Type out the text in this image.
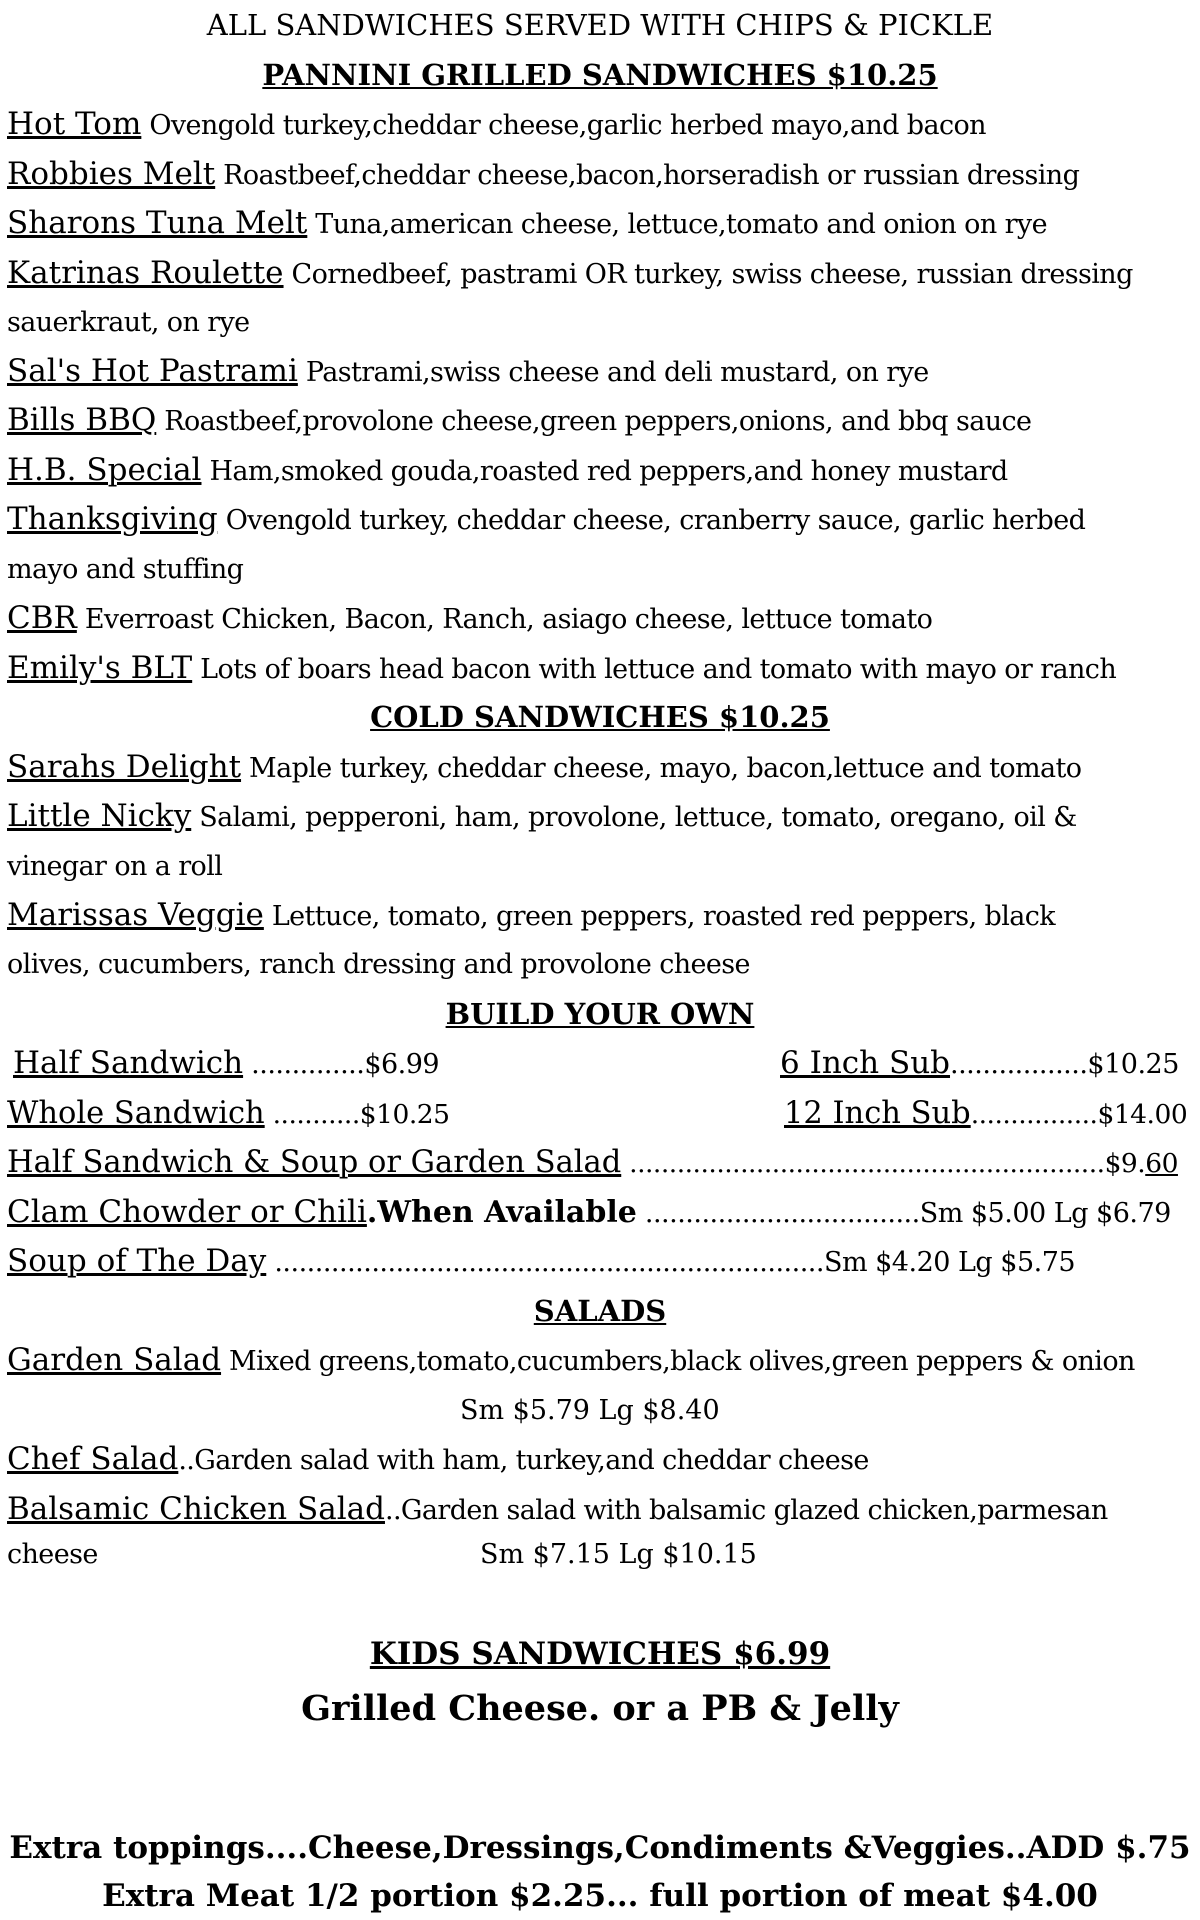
ALL SANDWICHES SERVED WITH CHIPS & PICKLE
PANNINI GRILLED SANDWICHES $10.25
Hot Tom Ovengold turkey,cheddar cheese,garlic herbed mayo,and bacon
Robbies Melt Roastbeef,cheddar cheese,bacon,horseradish or russian dressing
Sharons Tuna Melt Tuna,american cheese, lettuce,tomato and onion on rye
Katrinas Roulette Cornedbeef, pastrami OR turkey, swiss cheese, russian dressing
sauerkraut, on rye
Sal's Hot Pastrami Pastrami,swiss cheese and deli mustard, on rye
Bills BBQ Roastbeef,provolone cheese,green peppers,onions, and bbq sauce
H.B. Special Ham,smoked gouda,roasted red peppers,and honey mustard
Thanksgiving Ovengold turkey, cheddar cheese, cranberry sauce, garlic herbed
mayo and stuffing
CBR Everroast Chicken, Bacon, Ranch, asiago cheese, lettuce tomato
Emily's BLT Lots of boars head bacon with lettuce and tomato with mayo or ranch
COLD SANDWICHES $10.25
Sarahs Delight Maple turkey, cheddar cheese, mayo, bacon,lettuce and tomato
Little Nicky Salami, pepperoni, ham, provolone, lettuce, tomato, oregano, oil &
vinegar on a roll
Marissas Veggie Lettuce, tomato, green peppers, roasted red peppers, black
olives, cucumbers, ranch dressing and provolone cheese
BUILD YOUR OWN
Half Sandwich ..............$6.99	6 Inch Sub.................$10.25
Whole Sandwich ...........$10.25	12 Inch Sub................$14.00
Half Sandwich & Soup or Garden Salad ............................................................$9.60
Clam Chowder or Chili.When Available ..................................Sm $5.00 Lg $6.79
Soup of The Day ....................................................................Sm $4.20 Lg $5.75
SALADS
Garden Salad Mixed greens,tomato,cucumbers,black olives,green peppers & onion
Sm $5.79 Lg $8.40
Chef Salad..Garden salad with ham, turkey,and cheddar cheese
Balsamic Chicken Salad..Garden salad with balsamic glazed chicken,parmesan
cheese	Sm $7.15 Lg $10.15
KIDS SANDWICHES $6.99
Grilled Cheese. or a PB & Jelly
Extra toppings....Cheese,Dressings,Condiments &Veggies..ADD $.75
Extra Meat 1/2 portion $2.25... full portion of meat $4.00
